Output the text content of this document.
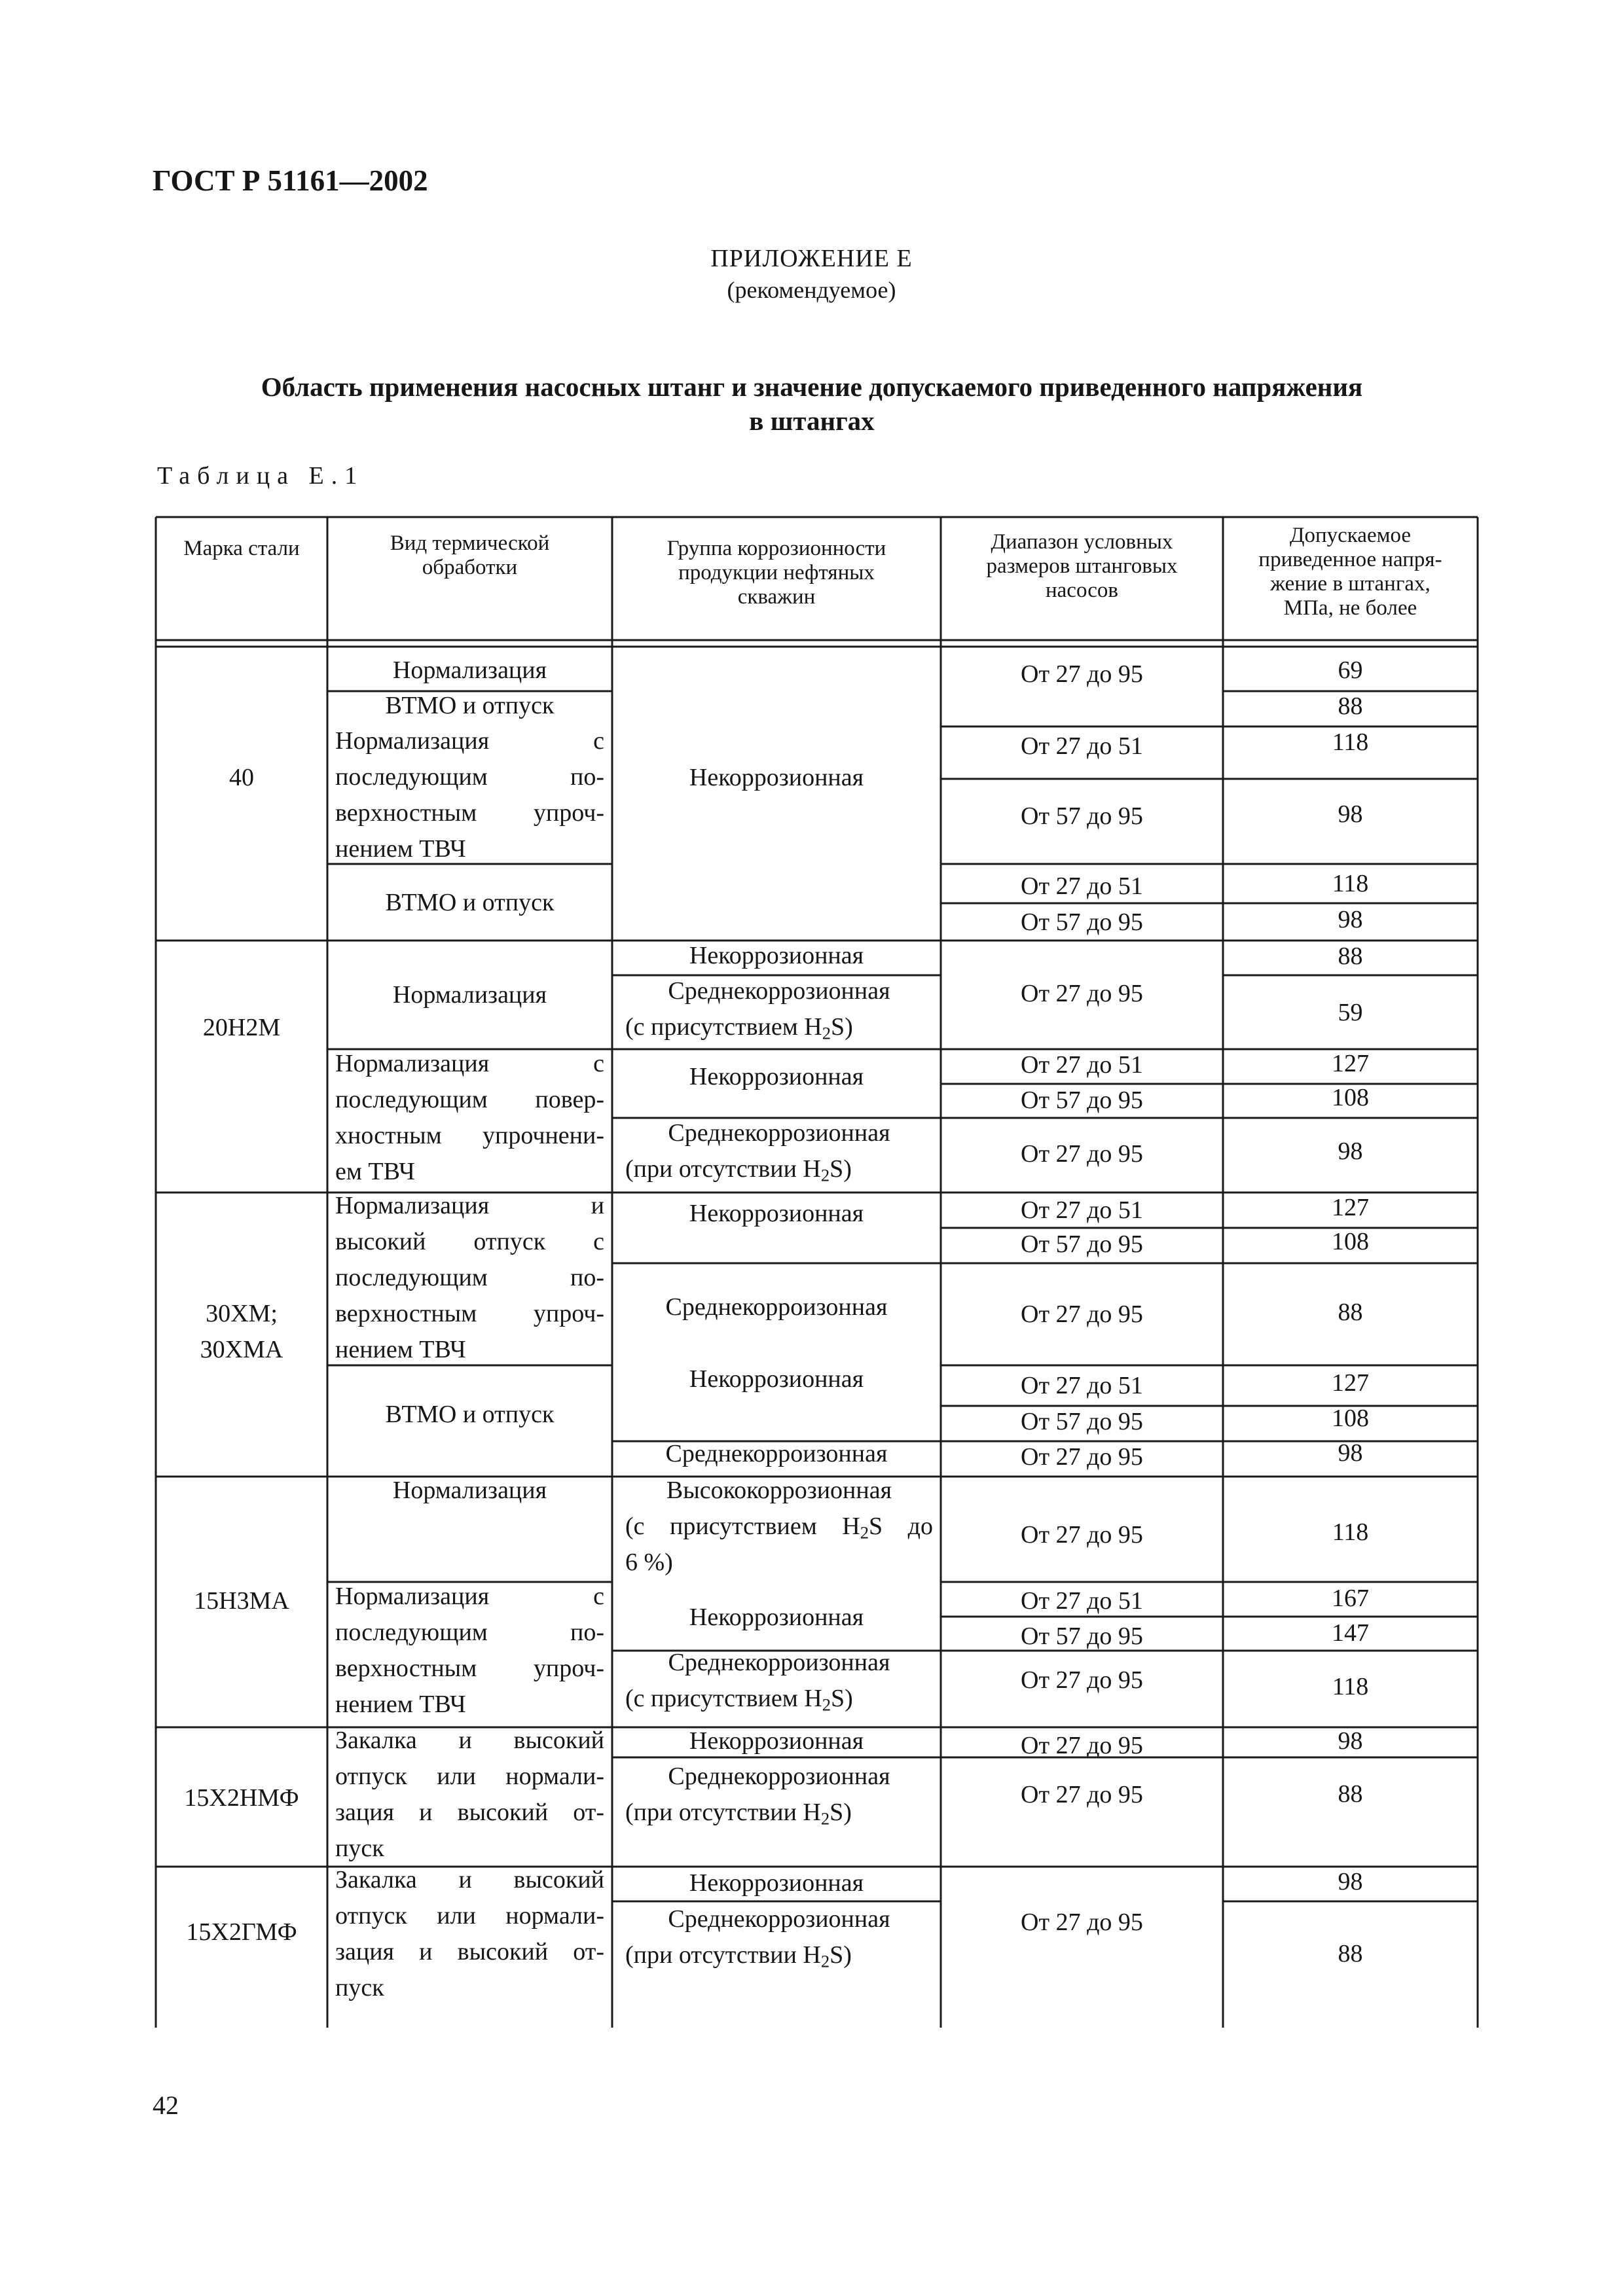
ГОСТ Р 51161—2002
ПРИЛОЖЕНИЕ Е
(рекомендуемое)
Область применения насосных штанг и значение допускаемого приведенного напряжения
в штангах
Таблица Е.1
Марка стали	Вид термической
обработки
Группа коррозионности
продукции нефтяных
скважин
Диапазон условных
размеров штанговых
насосов
Допускаемое
приведенное напря-
жение в штангах,
МПа, не более
40
20Н2М
30ХМ;
30ХМА
15Н3МА
15Х2НМФ
15Х2ГМФ
Нормализация
ВТМО и отпуск
Нормализация с
последующим по-
верхностным упроч-
нением ТВЧ
ВТМО и отпуск
Нормализация
Нормализация с
последующим повер-
хностным упрочнени-
ем ТВЧ
Нормализация и
высокий отпуск с
последующим по-
верхностным упроч-
нением ТВЧ
ВТМО и отпуск
Нормализация
Нормализация с
последующим по-
верхностным упроч-
нением ТВЧ
Закалка и высокий
отпуск или нормали-
зация и высокий от-
пуск
Закалка и высокий
отпуск или нормали-
зация и высокий от-
пуск
Некоррозионная
Некоррозионная
Среднекоррозионная
(с присутствием $H_2S$)
Некоррозионная
Среднекоррозионная
(при отсутствии $H_2S$)
Некоррозионная
Среднекорроизонная
Некоррозионная
Среднекорроизонная
Высококоррозионная
(с присутствием $H_2S$ до
6 %)
Некоррозионная
Среднекорроизонная
(с присутствием $H_2S$)
Некоррозионная
Среднекоррозионная
(при отсутствии $H_2S$)
Некоррозионная
Среднекоррозионная
(при отсутствии $H_2S$)
От 27 до 95
От 27 до 51
От 57 до 95
От 27 до 51
От 57 до 95
От 27 до 95
От 27 до 51
От 57 до 95
От 27 до 95
От 27 до 51
От 57 до 95
От 27 до 95
От 27 до 51
От 57 до 95
От 27 до 95
От 27 до 95
От 27 до 51
От 57 до 95
От 27 до 95
От 27 до 95
От 27 до 95
От 27 до 95
69
88
118
98
118
98
88
59
127
108
98
127
108
88
127
108
98
118
167
147
118
98
88
98
88
42
